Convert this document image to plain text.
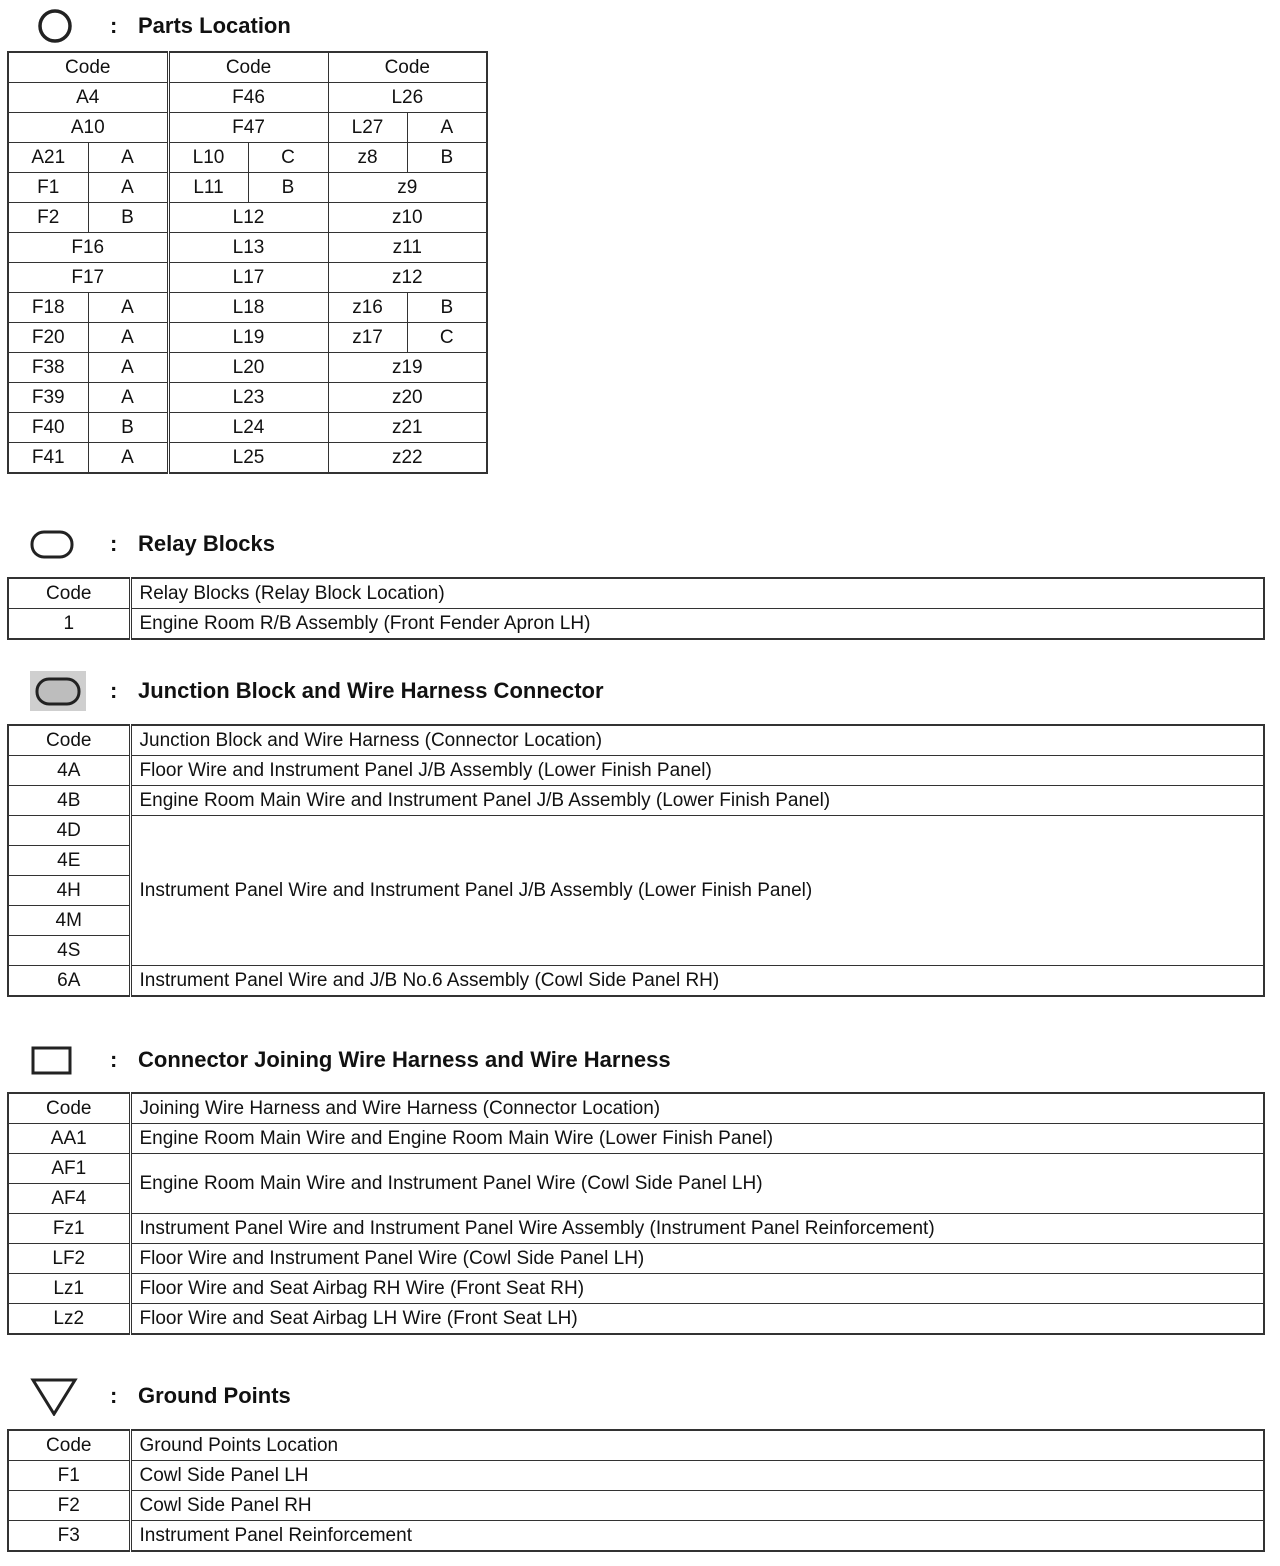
: Parts Location
Code		Code		Code	
A4		F46		L26	
A10		F47		L27	A
A21	A	L10	C	z8	B
F1	A	L11	B	z9	
F2	B	L12		z10	
F16		L13		z11	
F17		L17		z12	
F18	A	L18		z16	B
F20	A	L19		z17	C
F38	A	L20		z19	
F39	A	L23		z20	
F40	B	L24		z21	
F41	A	L25		z22	
: Relay Blocks
Code	Relay Blocks (Relay Block Location)
1	Engine Room R/B Assembly (Front Fender Apron LH)
: Junction Block and Wire Harness Connector
Code	Junction Block and Wire Harness (Connector Location)
4A	Floor Wire and Instrument Panel J/B Assembly (Lower Finish Panel)
4B	Engine Room Main Wire and Instrument Panel J/B Assembly (Lower Finish Panel)
4D	Instrument Panel Wire and Instrument Panel J/B Assembly (Lower Finish Panel)
4E	
4H	
4M	
4S	
6A	Instrument Panel Wire and J/B No.6 Assembly (Cowl Side Panel RH)
: Connector Joining Wire Harness and Wire Harness
Code	Joining Wire Harness and Wire Harness (Connector Location)
AA1	Engine Room Main Wire and Engine Room Main Wire (Lower Finish Panel)
AF1	Engine Room Main Wire and Instrument Panel Wire (Cowl Side Panel LH)
AF4	
Fz1	Instrument Panel Wire and Instrument Panel Wire Assembly (Instrument Panel Reinforcement)
LF2	Floor Wire and Instrument Panel Wire (Cowl Side Panel LH)
Lz1	Floor Wire and Seat Airbag RH Wire (Front Seat RH)
Lz2	Floor Wire and Seat Airbag LH Wire (Front Seat LH)
: Ground Points
Code	Ground Points Location
F1	Cowl Side Panel LH
F2	Cowl Side Panel RH
F3	Instrument Panel Reinforcement
